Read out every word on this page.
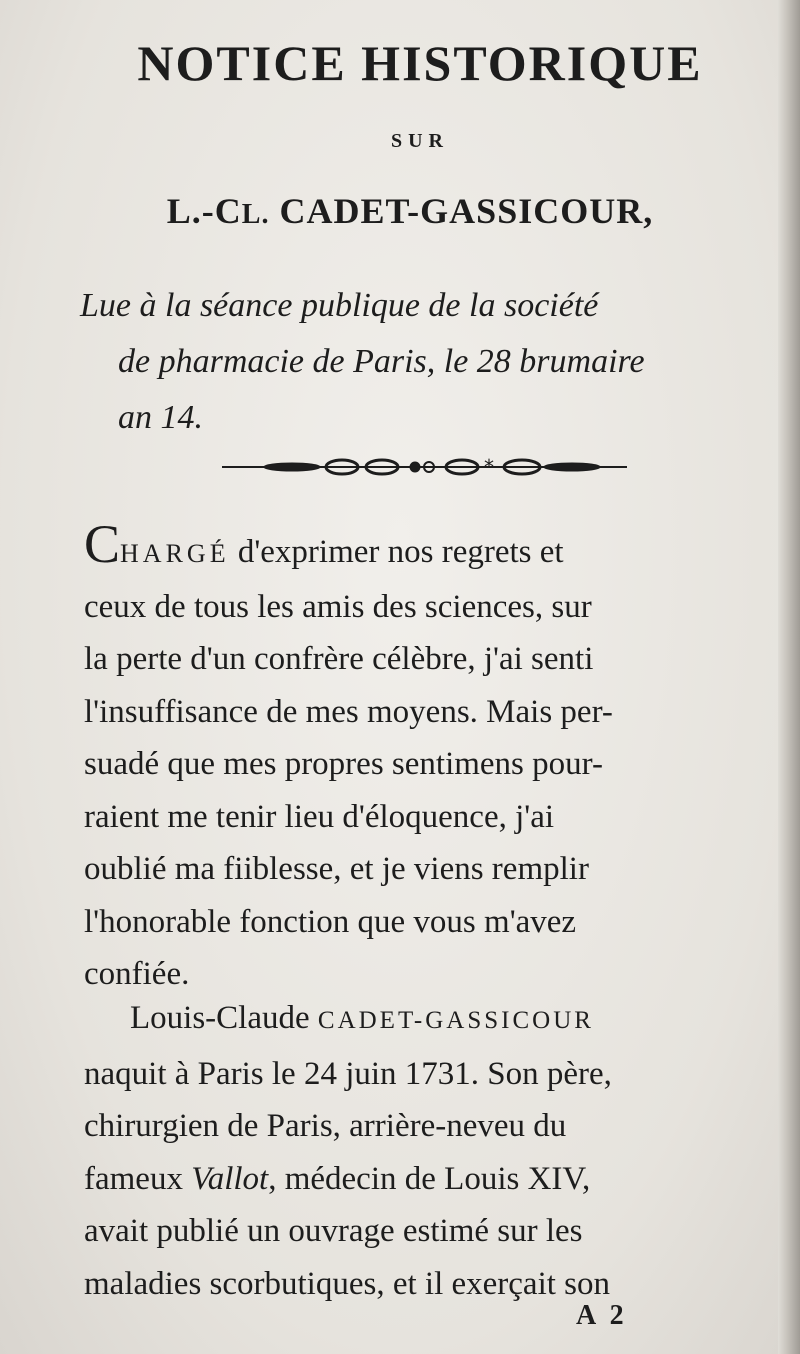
NOTICE HISTORIQUE
SUR
L.-CL. CADET-GASSICOUR,
Lue à la séance publique de la société
de pharmacie de Paris, le 28 brumaire
an 14.
*
CHARGÉ d'exprimer nos regrets et
ceux de tous les amis des sciences, sur
la perte d'un confrère célèbre, j'ai senti
l'insuffisance de mes moyens. Mais per-
suadé que mes propres sentimens pour-
raient me tenir lieu d'éloquence, j'ai
oublié ma fiiblesse, et je viens remplir
l'honorable fonction que vous m'avez
confiée.
Louis-Claude CADET-GASSICOUR
naquit à Paris le 24 juin 1731. Son père,
chirurgien de Paris, arrière-neveu du
fameux Vallot, médecin de Louis XIV,
avait publié un ouvrage estimé sur les
maladies scorbutiques, et il exerçait son
A 2
